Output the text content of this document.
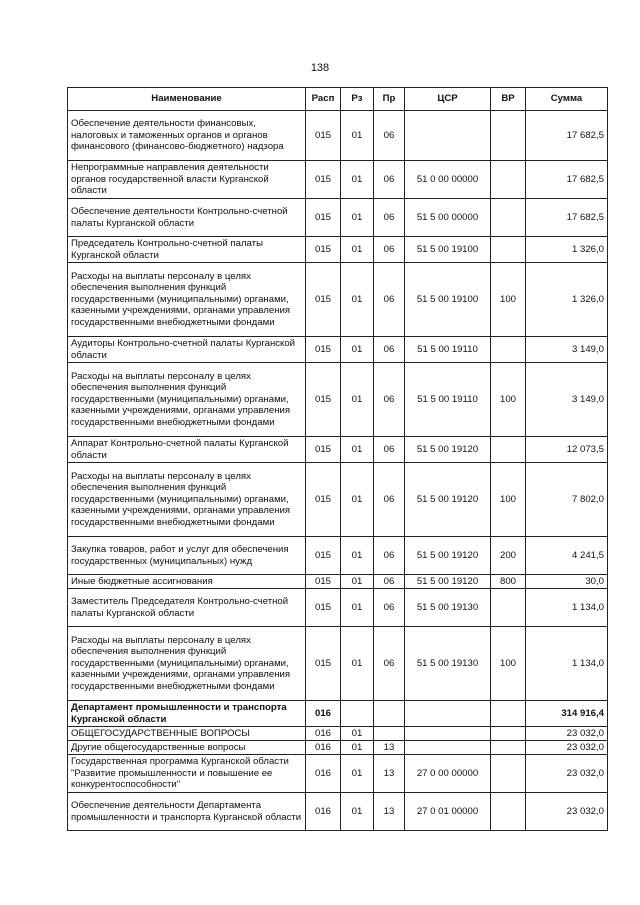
138
Наименование	Расп	Рз	Пр	ЦСР	ВР	Сумма
Обеспечение деятельности финансовых, налоговых и таможенных органов и органов финансового (финансово-бюджетного) надзора	015	01	06			17 682,5
Непрограммные направления деятельности органов государственной власти Курганской области	015	01	06	51 0 00 00000		17 682,5
Обеспечение деятельности Контрольно-счетной палаты Курганской области	015	01	06	51 5 00 00000		17 682,5
Председатель Контрольно-счетной палаты Курганской области	015	01	06	51 5 00 19100		1 326,0
Расходы на выплаты персоналу в целях обеспечения выполнения функций государственными (муниципальными) органами, казенными учреждениями, органами управления государственными внебюджетными фондами	015	01	06	51 5 00 19100	100	1 326,0
Аудиторы Контрольно-счетной палаты Курганской области	015	01	06	51 5 00 19110		3 149,0
Расходы на выплаты персоналу в целях обеспечения выполнения функций государственными (муниципальными) органами, казенными учреждениями, органами управления государственными внебюджетными фондами	015	01	06	51 5 00 19110	100	3 149,0
Аппарат Контрольно-счетной палаты Курганской области	015	01	06	51 5 00 19120		12 073,5
Расходы на выплаты персоналу в целях обеспечения выполнения функций государственными (муниципальными) органами, казенными учреждениями, органами управления государственными внебюджетными фондами	015	01	06	51 5 00 19120	100	7 802,0
Закупка товаров, работ и услуг для обеспечения государственных (муниципальных) нужд	015	01	06	51 5 00 19120	200	4 241,5
Иные бюджетные ассигнования	015	01	06	51 5 00 19120	800	30,0
Заместитель Председателя Контрольно-счетной палаты Курганской области	015	01	06	51 5 00 19130		1 134,0
Расходы на выплаты персоналу в целях обеспечения выполнения функций государственными (муниципальными) органами, казенными учреждениями, органами управления государственными внебюджетными фондами	015	01	06	51 5 00 19130	100	1 134,0
Департамент промышленности и транспорта Курганской области	016					314 916,4
ОБЩЕГОСУДАРСТВЕННЫЕ ВОПРОСЫ	016	01				23 032,0
Другие общегосударственные вопросы	016	01	13			23 032,0
Государственная программа Курганской области "Развитие промышленности и повышение ее конкурентоспособности"	016	01	13	27 0 00 00000		23 032,0
Обеспечение деятельности Департамента промышленности и транспорта Курганской области	016	01	13	27 0 01 00000		23 032,0
